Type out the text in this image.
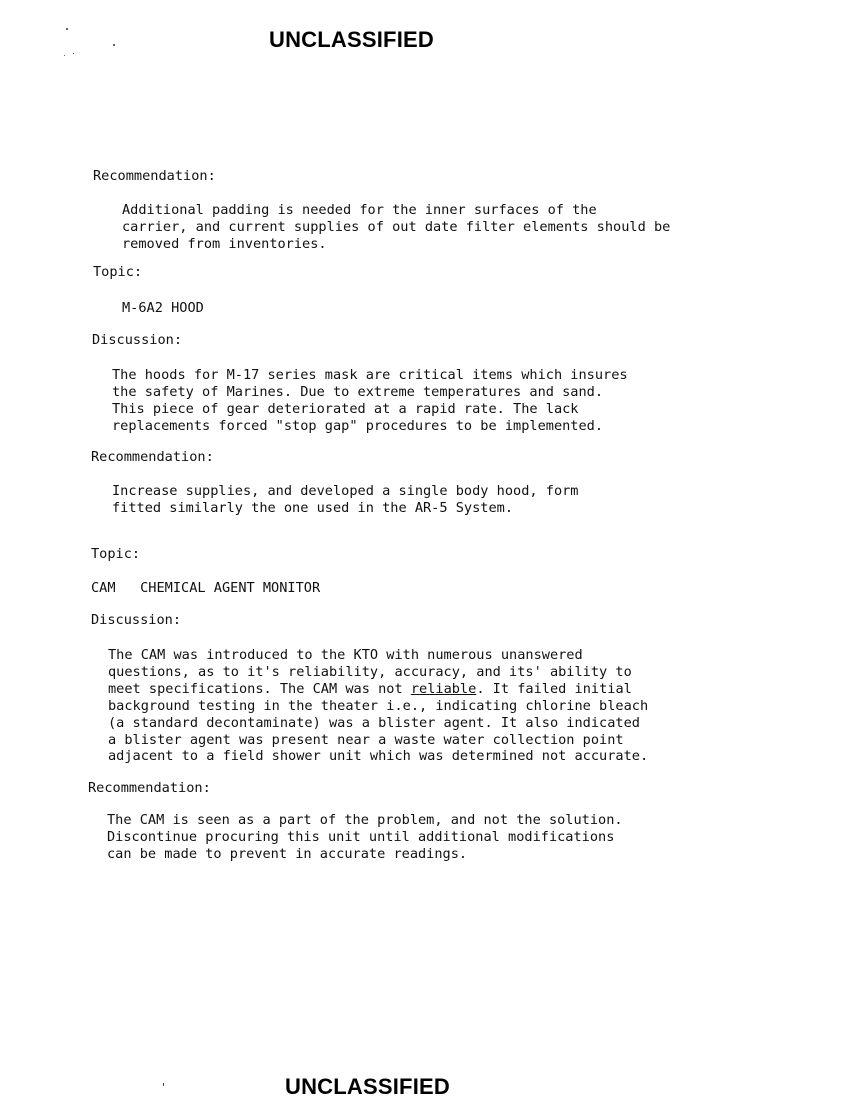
UNCLASSIFIED
UNCLASSIFIED
Recommendation:
Additional padding is needed for the inner surfaces of the
carrier, and current supplies of out date filter elements should be
removed from inventories.
Topic:
M-6A2 HOOD
Discussion:
The hoods for M-17 series mask are critical items which insures
the safety of Marines. Due to extreme temperatures and sand.
This piece of gear deteriorated at a rapid rate. The lack
replacements forced "stop gap" procedures to be implemented.
Recommendation:
Increase supplies, and developed a single body hood, form
fitted similarly the one used in the AR-5 System.
Topic:
CAM   CHEMICAL AGENT MONITOR
Discussion:
The CAM was introduced to the KTO with numerous unanswered
questions, as to it's reliability, accuracy, and its' ability to
meet specifications. The CAM was not reliable. It failed initial
background testing in the theater i.e., indicating chlorine bleach
(a standard decontaminate) was a blister agent. It also indicated
a blister agent was present near a waste water collection point
adjacent to a field shower unit which was determined not accurate.
Recommendation:
The CAM is seen as a part of the problem, and not the solution.
Discontinue procuring this unit until additional modifications
can be made to prevent in accurate readings.
